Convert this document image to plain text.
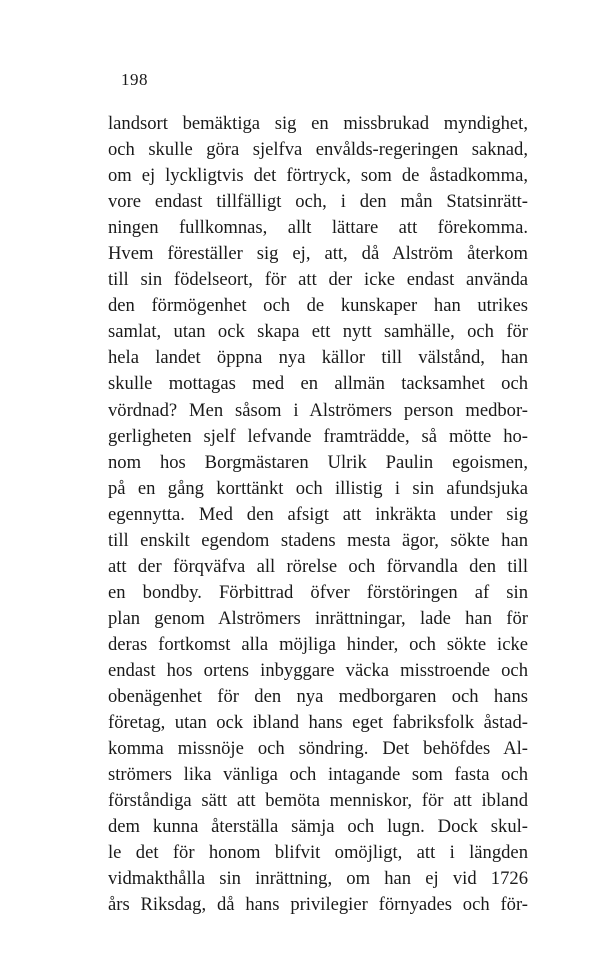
198
landsort bemäktiga sig en missbrukad myndighet,
och skulle göra sjelfva envålds-regeringen saknad,
om ej lyckligtvis det förtryck, som de åstadkomma,
vore endast tillfälligt och, i den mån Statsinrätt-
ningen fullkomnas, allt lättare att förekomma.
Hvem föreställer sig ej, att, då Alström återkom
till sin födelseort, för att der icke endast använda
den förmögenhet och de kunskaper han utrikes
samlat, utan ock skapa ett nytt samhälle, och för
hela landet öppna nya källor till välstånd, han
skulle mottagas med en allmän tacksamhet och
vördnad? Men såsom i Alströmers person medbor-
gerligheten sjelf lefvande framträdde, så mötte ho-
nom hos Borgmästaren Ulrik Paulin egoismen,
på en gång korttänkt och illistig i sin afundsjuka
egennytta. Med den afsigt att inkräkta under sig
till enskilt egendom stadens mesta ägor, sökte han
att der förqväfva all rörelse och förvandla den till
en bondby. Förbittrad öfver förstöringen af sin
plan genom Alströmers inrättningar, lade han för
deras fortkomst alla möjliga hinder, och sökte icke
endast hos ortens inbyggare väcka misstroende och
obenägenhet för den nya medborgaren och hans
företag, utan ock ibland hans eget fabriksfolk åstad-
komma missnöje och söndring. Det behöfdes Al-
strömers lika vänliga och intagande som fasta och
förståndiga sätt att bemöta menniskor, för att ibland
dem kunna återställa sämja och lugn. Dock skul-
le det för honom blifvit omöjligt, att i längden
vidmakthålla sin inrättning, om han ej vid 1726
års Riksdag, då hans privilegier förnyades och för-
